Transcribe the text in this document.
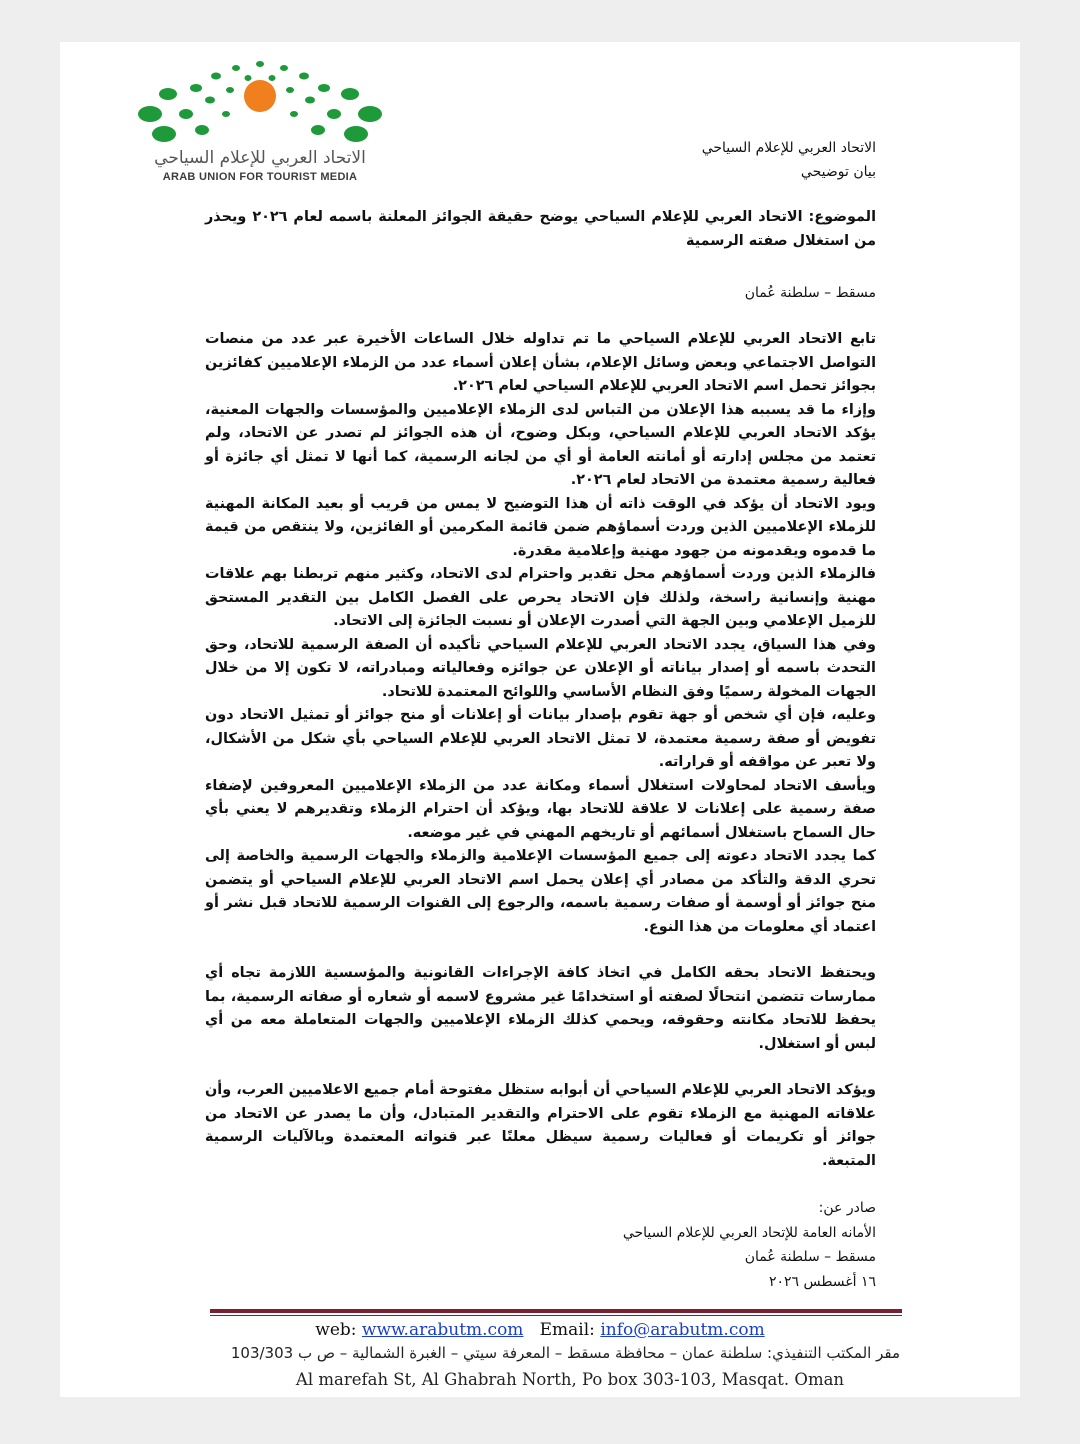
الاتحاد العربي للإعلام السياحي
ARAB UNION FOR TOURIST MEDIA
الاتحاد العربي للإعلام السياحي
بيان توضيحي
الموضوع: الاتحاد العربي للإعلام السياحي يوضح حقيقة الجوائز المعلنة باسمه لعام ٢٠٢٦ ويحذر من استغلال صفته الرسمية
مسقط – سلطنة عُمان

تابع الاتحاد العربي للإعلام السياحي ما تم تداوله خلال الساعات الأخيرة عبر عدد من منصات التواصل الاجتماعي وبعض وسائل الإعلام، بشأن إعلان أسماء عدد من الزملاء الإعلاميين كفائزين بجوائز تحمل اسم الاتحاد العربي للإعلام السياحي لعام ٢٠٢٦.

وإزاء ما قد يسببه هذا الإعلان من التباس لدى الزملاء الإعلاميين والمؤسسات والجهات المعنية، يؤكد الاتحاد العربي للإعلام السياحي، وبكل وضوح، أن هذه الجوائز لم تصدر عن الاتحاد، ولم تعتمد من مجلس إدارته أو أمانته العامة أو أي من لجانه الرسمية، كما أنها لا تمثل أي جائزة أو فعالية رسمية معتمدة من الاتحاد لعام ٢٠٢٦.

ويود الاتحاد أن يؤكد في الوقت ذاته أن هذا التوضيح لا يمس من قريب أو بعيد المكانة المهنية للزملاء الإعلاميين الذين وردت أسماؤهم ضمن قائمة المكرمين أو الفائزين، ولا ينتقص من قيمة ما قدموه ويقدمونه من جهود مهنية وإعلامية مقدرة.

فالزملاء الذين وردت أسماؤهم محل تقدير واحترام لدى الاتحاد، وكثير منهم تربطنا بهم علاقات مهنية وإنسانية راسخة، ولذلك فإن الاتحاد يحرص على الفصل الكامل بين التقدير المستحق للزميل الإعلامي وبين الجهة التي أصدرت الإعلان أو نسبت الجائزة إلى الاتحاد.

وفي هذا السياق، يجدد الاتحاد العربي للإعلام السياحي تأكيده أن الصفة الرسمية للاتحاد، وحق التحدث باسمه أو إصدار بياناته أو الإعلان عن جوائزه وفعالياته ومبادراته، لا تكون إلا من خلال الجهات المخولة رسميًا وفق النظام الأساسي واللوائح المعتمدة للاتحاد.

وعليه، فإن أي شخص أو جهة تقوم بإصدار بيانات أو إعلانات أو منح جوائز أو تمثيل الاتحاد دون تفويض أو صفة رسمية معتمدة، لا تمثل الاتحاد العربي للإعلام السياحي بأي شكل من الأشكال، ولا تعبر عن مواقفه أو قراراته.

ويأسف الاتحاد لمحاولات استغلال أسماء ومكانة عدد من الزملاء الإعلاميين المعروفين لإضفاء صفة رسمية على إعلانات لا علاقة للاتحاد بها، ويؤكد أن احترام الزملاء وتقديرهم لا يعني بأي حال السماح باستغلال أسمائهم أو تاريخهم المهني في غير موضعه.

كما يجدد الاتحاد دعوته إلى جميع المؤسسات الإعلامية والزملاء والجهات الرسمية والخاصة إلى تحري الدقة والتأكد من مصادر أي إعلان يحمل اسم الاتحاد العربي للإعلام السياحي أو يتضمن منح جوائز أو أوسمة أو صفات رسمية باسمه، والرجوع إلى القنوات الرسمية للاتحاد قبل نشر أو اعتماد أي معلومات من هذا النوع.

ويحتفظ الاتحاد بحقه الكامل في اتخاذ كافة الإجراءات القانونية والمؤسسية اللازمة تجاه أي ممارسات تتضمن انتحالًا لصفته أو استخدامًا غير مشروع لاسمه أو شعاره أو صفاته الرسمية، بما يحفظ للاتحاد مكانته وحقوقه، ويحمي كذلك الزملاء الإعلاميين والجهات المتعاملة معه من أي لبس أو استغلال.

ويؤكد الاتحاد العربي للإعلام السياحي أن أبوابه ستظل مفتوحة أمام جميع الاعلاميين العرب، وأن علاقاته المهنية مع الزملاء تقوم على الاحترام والتقدير المتبادل، وأن ما يصدر عن الاتحاد من جوائز أو تكريمات أو فعاليات رسمية سيظل معلنًا عبر قنواته المعتمدة وبالآليات الرسمية المتبعة.

صادر عن:
الأمانه العامة للإتحاد العربي للإعلام السياحي
مسقط – سلطنة عُمان
١٦ أغسطس ٢٠٢٦
web: www.arabutm.com Email: info@arabutm.com
مقر المكتب التنفيذي: سلطنة عمان – محافظة مسقط – المعرفة سيتي – الغبرة الشمالية – ص ب 103/303
Al marefah St, Al Ghabrah North, Po box 303-103, Masqat. Oman
